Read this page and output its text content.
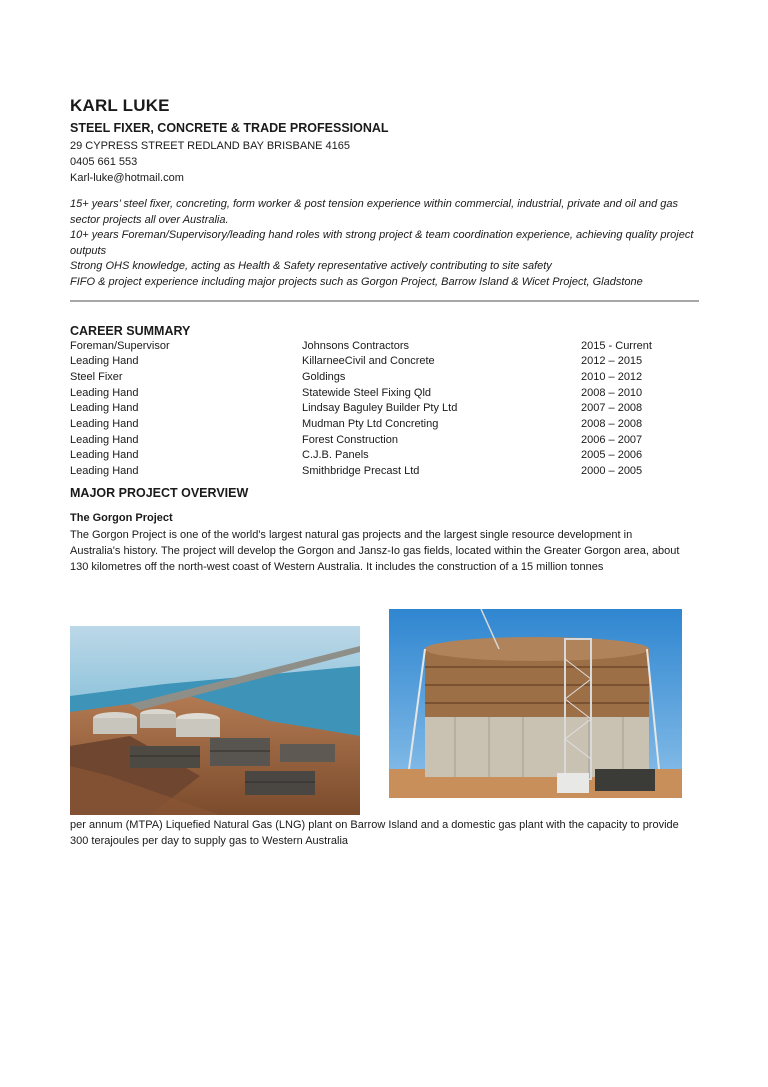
KARL LUKE
STEEL FIXER, CONCRETE & TRADE PROFESSIONAL
29 CYPRESS STREET REDLAND BAY BRISBANE 4165
0405 661 553
Karl-luke@hotmail.com
15+ years’ steel fixer, concreting, form worker & post tension experience within commercial, industrial, private and oil and gas sector projects all over Australia.
10+ years Foreman/Supervisory/leading hand roles with strong project & team coordination experience, achieving quality project outputs
Strong OHS knowledge, acting as Health & Safety representative actively contributing to site safety
FIFO & project experience including major projects such as Gorgon Project, Barrow Island & Wicet Project, Gladstone
CAREER SUMMARY
Foreman/Supervisor	Johnsons Contractors	2015 - Current
Leading Hand	KillarneeCivil and Concrete	2012 – 2015
Steel Fixer	Goldings	2010 – 2012
Leading Hand	Statewide Steel Fixing Qld	2008 – 2010
Leading Hand	Lindsay Baguley Builder Pty Ltd	2007 – 2008
Leading Hand	Mudman Pty Ltd Concreting	2008 – 2008
Leading Hand	Forest Construction	2006 – 2007
Leading Hand	C.J.B. Panels	2005 – 2006
Leading Hand	Smithbridge Precast Ltd	2000 – 2005
MAJOR PROJECT OVERVIEW
The Gorgon Project
The Gorgon Project is one of the world's largest natural gas projects and the largest single resource development in Australia's history. The project will develop the Gorgon and Jansz-Io gas fields, located within the Greater Gorgon area, about 130 kilometres off the north-west coast of Western Australia. It includes the construction of a 15 million tonnes
per annum (MTPA) Liquefied Natural Gas (LNG) plant on Barrow Island and a domestic gas plant with the capacity to provide 300 terajoules per day to supply gas to Western Australia
